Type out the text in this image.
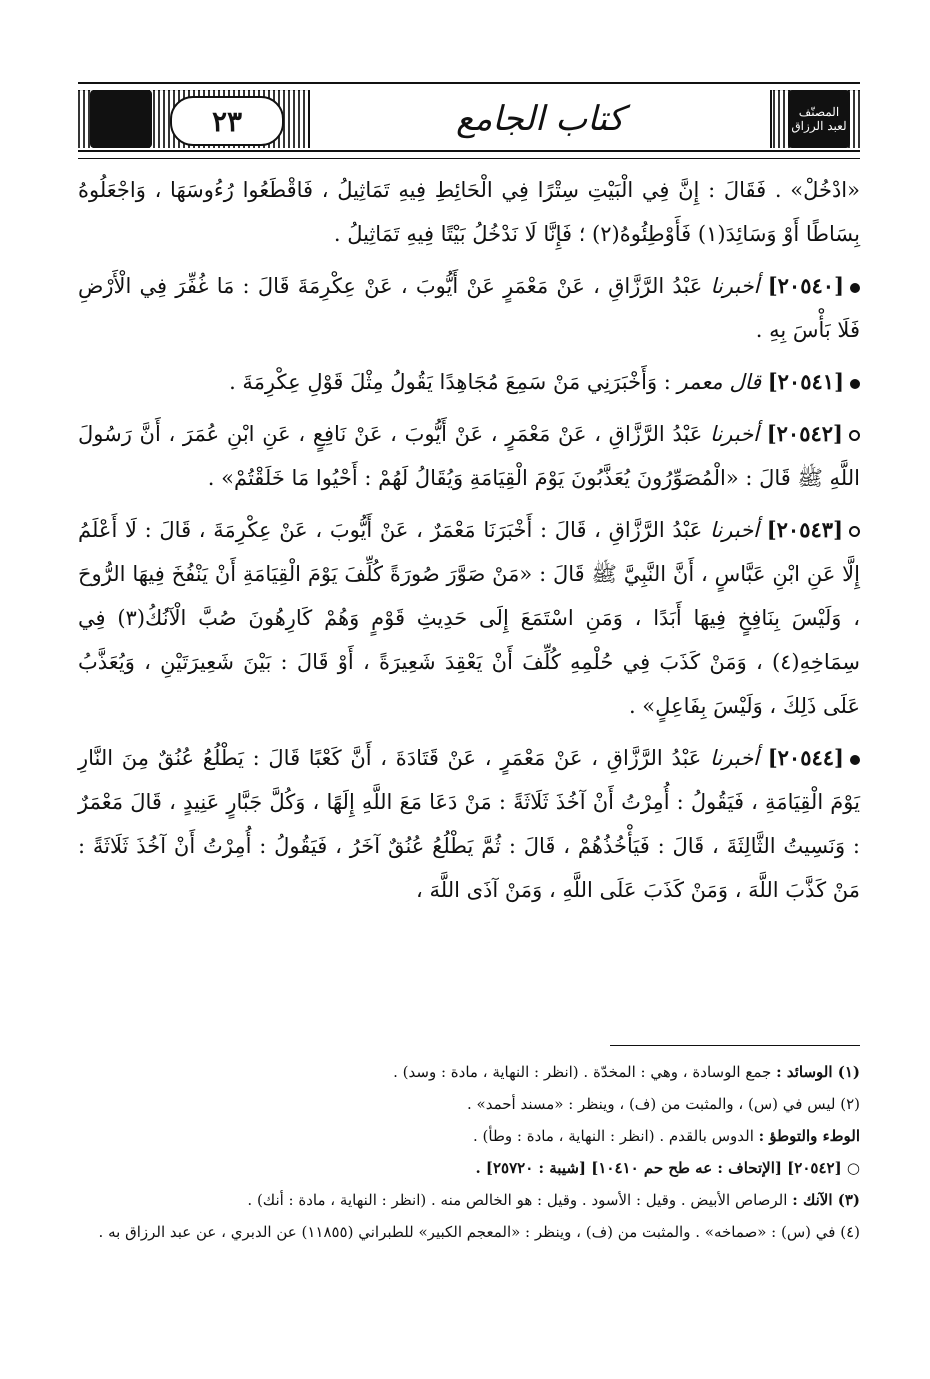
٢٣	كتاب الجامع	المصنّف لعبد الرزاق

«ادْخُلْ» . فَقَالَ : إِنَّ فِي الْبَيْتِ سِتْرًا فِي الْحَائِطِ فِيهِ تَمَاثِيلُ ، فَاقْطَعُوا رُءُوسَهَا ، وَاجْعَلُوهُ بِسَاطًا أَوْ وَسَائِدَ(١) فَأَوْطِئُوهُ(٢) ؛ فَإِنَّا لَا نَدْخُلُ بَيْتًا فِيهِ تَمَاثِيلُ .

[٢٠٥٤٠] أخبرنا عَبْدُ الرَّزَّاقِ ، عَنْ مَعْمَرٍ عَنْ أَيُّوبَ ، عَنْ عِكْرِمَةَ قَالَ : مَا غُفِّرَ فِي الْأَرْضِ فَلَا بَأْسَ بِهِ .

[٢٠٥٤١] قال معمر : وَأَخْبَرَنِي مَنْ سَمِعَ مُجَاهِدًا يَقُولُ مِثْلَ قَوْلِ عِكْرِمَةَ .

[٢٠٥٤٢] أخبرنا عَبْدُ الرَّزَّاقِ ، عَنْ مَعْمَرٍ ، عَنْ أَيُّوبَ ، عَنْ نَافِعٍ ، عَنِ ابْنِ عُمَرَ ، أَنَّ رَسُولَ اللَّهِ ﷺ قَالَ : «الْمُصَوِّرُونَ يُعَذَّبُونَ يَوْمَ الْقِيَامَةِ وَيُقَالُ لَهُمْ : أَحْيُوا مَا خَلَقْتُمْ» .

[٢٠٥٤٣] أخبرنا عَبْدُ الرَّزَّاقِ ، قَالَ : أَخْبَرَنَا مَعْمَرٌ ، عَنْ أَيُّوبَ ، عَنْ عِكْرِمَةَ ، قَالَ : لَا أَعْلَمُ إِلَّا عَنِ ابْنِ عَبَّاسٍ ، أَنَّ النَّبِيَّ ﷺ قَالَ : «مَنْ صَوَّرَ صُورَةً كُلِّفَ يَوْمَ الْقِيَامَةِ أَنْ يَنْفُخَ فِيهَا الرُّوحَ ، وَلَيْسَ بِنَافِخٍ فِيهَا أَبَدًا ، وَمَنِ اسْتَمَعَ إِلَى حَدِيثِ قَوْمٍ وَهُمْ كَارِهُونَ صُبَّ الْآنُكُ(٣) فِي سِمَاخِهِ(٤) ، وَمَنْ كَذَبَ فِي حُلْمِهِ كُلِّفَ أَنْ يَعْقِدَ شَعِيرَةً ، أَوْ قَالَ : بَيْنَ شَعِيرَتَيْنِ ، وَيُعَذَّبُ عَلَى ذَلِكَ ، وَلَيْسَ بِفَاعِلٍ» .

[٢٠٥٤٤] أخبرنا عَبْدُ الرَّزَّاقِ ، عَنْ مَعْمَرٍ ، عَنْ قَتَادَةَ ، أَنَّ كَعْبًا قَالَ : يَطْلُعُ عُنُقٌ مِنَ النَّارِ يَوْمَ الْقِيَامَةِ ، فَيَقُولُ : أُمِرْتُ أَنْ آخُذَ ثَلَاثَةً : مَنْ دَعَا مَعَ اللَّهِ إِلَهًا ، وَكُلَّ جَبَّارٍ عَنِيدٍ ، قَالَ مَعْمَرٌ : وَنَسِيتُ الثَّالِثَةَ ، قَالَ : فَيَأْخُذُهُمْ ، قَالَ : ثُمَّ يَطْلُعُ عُنُقٌ آخَرُ ، فَيَقُولُ : أُمِرْتُ أَنْ آخُذَ ثَلَاثَةً : مَنْ كَذَّبَ اللَّهَ ، وَمَنْ كَذَبَ عَلَى اللَّهِ ، وَمَنْ آذَى اللَّهَ ،

(١) الوسائد : جمع الوسادة ، وهي : المخدّة . (انظر : النهاية ، مادة : وسد) .

(٢) ليس في (س) ، والمثبت من (ف) ، وينظر : «مسند أحمد» .

الوطء والتوطؤ : الدوس بالقدم . (انظر : النهاية ، مادة : وطأ) .

○ [٢٠٥٤٢] [الإتحاف : عه طح حم ١٠٤١٠] [شيبة : ٢٥٧٢٠] .

(٣) الآنك : الرصاص الأبيض . وقيل : الأسود . وقيل : هو الخالص منه . (انظر : النهاية ، مادة : أنك) .

(٤) في (س) : «صماخه» . والمثبت من (ف) ، وينظر : «المعجم الكبير» للطبراني (١١٨٥٥) عن الدبري ، عن عبد الرزاق به .
